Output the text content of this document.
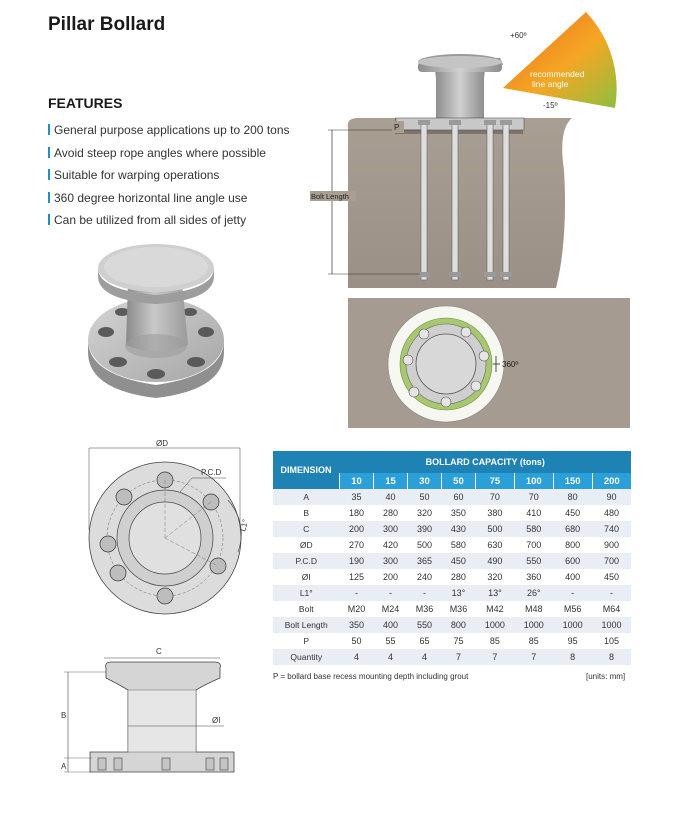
Pillar Bollard
FEATURES
General purpose applications up to 200 tons
Avoid steep rope angles where possible
Suitable for warping operations
360 degree horizontal line angle use
Can be utilized from all sides of jetty
Bolt Length
P
+60º
-15º
recommended
line angle
360º
ØD
P.C.D
L1°
C
B
A
ØI
DIMENSION	BOLLARD CAPACITY (tons)							
	10	15	30	50	75	100	150	200
A	35	40	50	60	70	70	80	90
B	180	280	320	350	380	410	450	480
C	200	300	390	430	500	580	680	740
ØD	270	420	500	580	630	700	800	900
P.C.D	190	300	365	450	490	550	600	700
ØI	125	200	240	280	320	360	400	450
L1°	-	-	-	13°	13°	26°	-	-
Bolt	M20	M24	M36	M36	M42	M48	M56	M64
Bolt Length	350	400	550	800	1000	1000	1000	1000
P	50	55	65	75	85	85	95	105
Quantity	4	4	4	7	7	7	8	8
P = bollard base recess mounting depth including grout	[units: mm]
